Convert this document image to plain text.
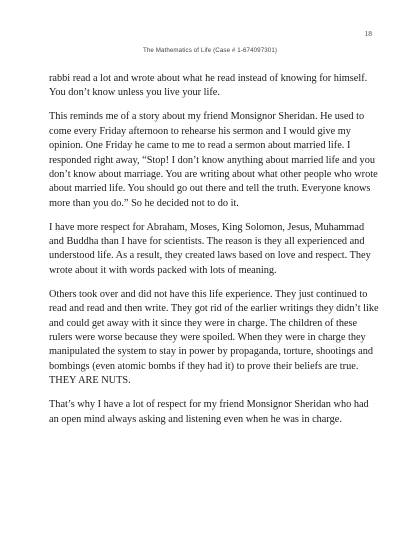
18
The Mathematics of Life (Case # 1-674097301)

rabbi read a lot and wrote about what he read instead of knowing for himself. You don’t know unless you live your life.

This reminds me of a story about my friend Monsignor Sheridan. He used to come every Friday afternoon to rehearse his sermon and I would give my opinion. One Friday he came to me to read a sermon about married life. I responded right away, “Stop! I don’t know anything about married life and you don’t know about marriage. You are writing about what other people who wrote about married life. You should go out there and tell the truth. Everyone knows more than you do.” So he decided not to do it.

I have more respect for Abraham, Moses, King Solomon, Jesus, Muhammad and Buddha than I have for scientists. The reason is they all experienced and understood life. As a result, they created laws based on love and respect. They wrote about it with words packed with lots of meaning.

Others took over and did not have this life experience. They just continued to read and read and then write. They got rid of the earlier writings they didn’t like and could get away with it since they were in charge. The children of these rulers were worse because they were spoiled. When they were in charge they manipulated the system to stay in power by propaganda, torture, shootings and bombings (even atomic bombs if they had it) to prove their beliefs are true.  THEY ARE NUTS.

That’s why I have a lot of respect for my friend Monsignor Sheridan who had an open mind always asking and listening even when he was in charge.
